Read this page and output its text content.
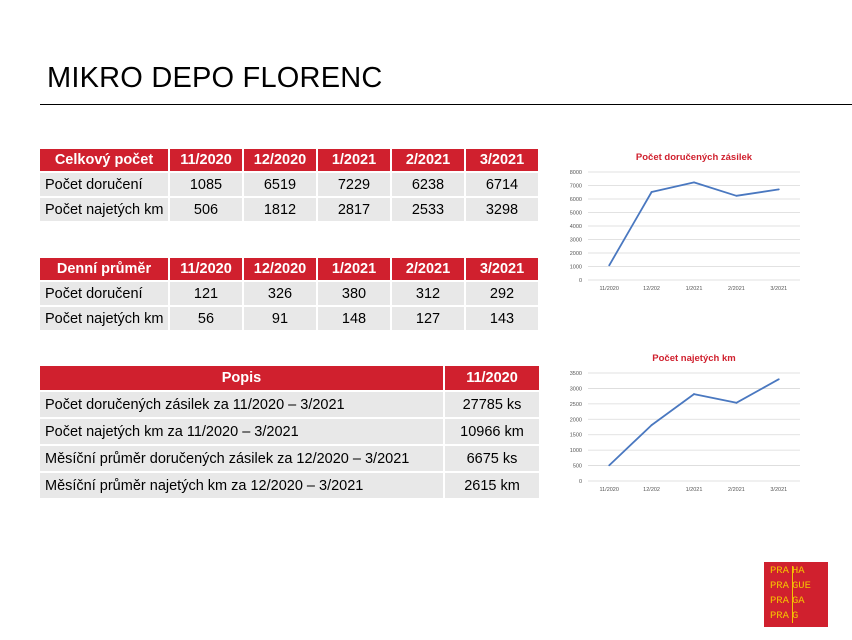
MIKRO DEPO FLORENC
Celkový počet	11/2020	12/2020	1/2021	2/2021	3/2021
Počet doručení	1085	6519	7229	6238	6714
Počet najetých km	506	1812	2817	2533	3298
Denní průměr	11/2020	12/2020	1/2021	2/2021	3/2021
Počet doručení	121	326	380	312	292
Počet najetých km	56	91	148	127	143
Popis	11/2020
Počet doručených zásilek za 11/2020 – 3/2021	27785 ks
Počet najetých km za 11/2020 – 3/2021	10966 km
Měsíční průměr doručených zásilek za 12/2020 – 3/2021	6675 ks
Měsíční průměr najetých km za 12/2020 – 3/2021	2615 km
Počet doručených zásilek
0
1000
2000
3000
4000
5000
6000
7000
8000
11/2020	12/202	1/2021	2/2021	3/2021
Počet najetých km
0
500
1000
1500
2000
2500
3000
3500
11/2020	12/202	1/2021	2/2021	3/2021
PRA HA
PRA GUE
PRA GA
PRA G
